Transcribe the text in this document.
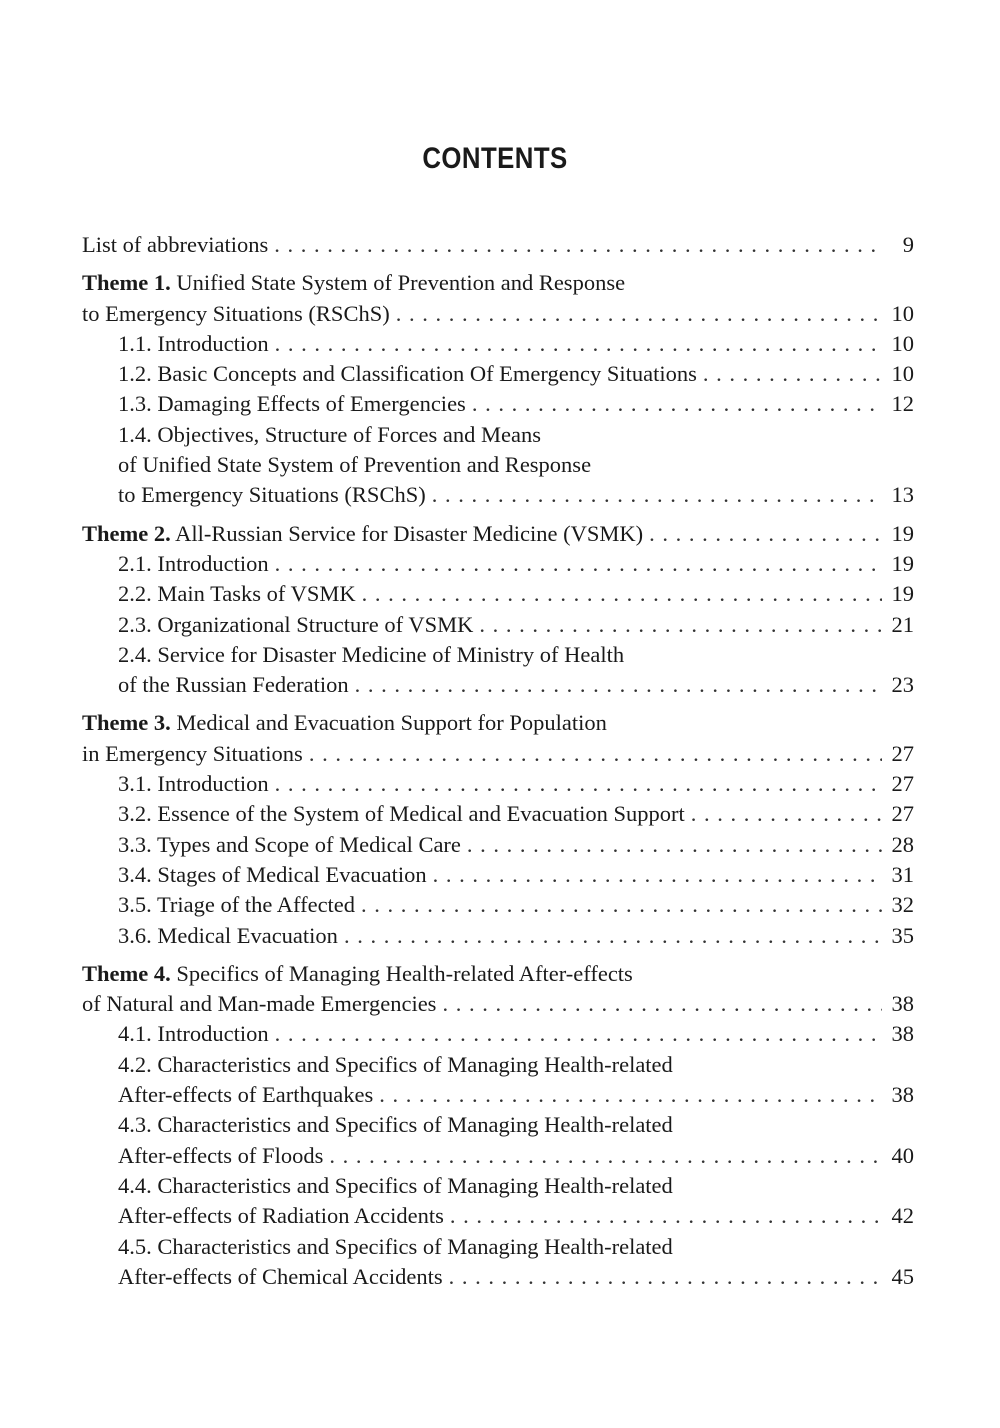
CONTENTS
List of abbreviations . . .	9
Theme 1. Unified State System of Prevention and Response
to Emergency Situations (RSChS) . . .	10
1.1. Introduction . . .	10
1.2. Basic Concepts and Classification Of Emergency Situations . . .	10
1.3. Damaging Effects of Emergencies . . .	12
1.4. Objectives, Structure of Forces and Means
of Unified State System of Prevention and Response
to Emergency Situations (RSChS) . . .	13
Theme 2. All-Russian Service for Disaster Medicine (VSMK) . . .	19
2.1. Introduction . . .	19
2.2. Main Tasks of VSMK . . .	19
2.3. Organizational Structure of VSMK . . .	21
2.4. Service for Disaster Medicine of Ministry of Health
of the Russian Federation . . .	23
Theme 3. Medical and Evacuation Support for Population
in Emergency Situations . . .	27
3.1. Introduction . . .	27
3.2. Essence of the System of Medical and Evacuation Support . . .	27
3.3. Types and Scope of Medical Care . . .	28
3.4. Stages of Medical Evacuation . . .	31
3.5. Triage of the Affected . . .	32
3.6. Medical Evacuation . . .	35
Theme 4. Specifics of Managing Health-related After-effects
of Natural and Man-made Emergencies . . .	38
4.1. Introduction . . .	38
4.2. Characteristics and Specifics of Managing Health-related
After-effects of Earthquakes . . .	38
4.3. Characteristics and Specifics of Managing Health-related
After-effects of Floods . . .	40
4.4. Characteristics and Specifics of Managing Health-related
After-effects of Radiation Accidents . . .	42
4.5. Characteristics and Specifics of Managing Health-related
After-effects of Chemical Accidents . . .	45
